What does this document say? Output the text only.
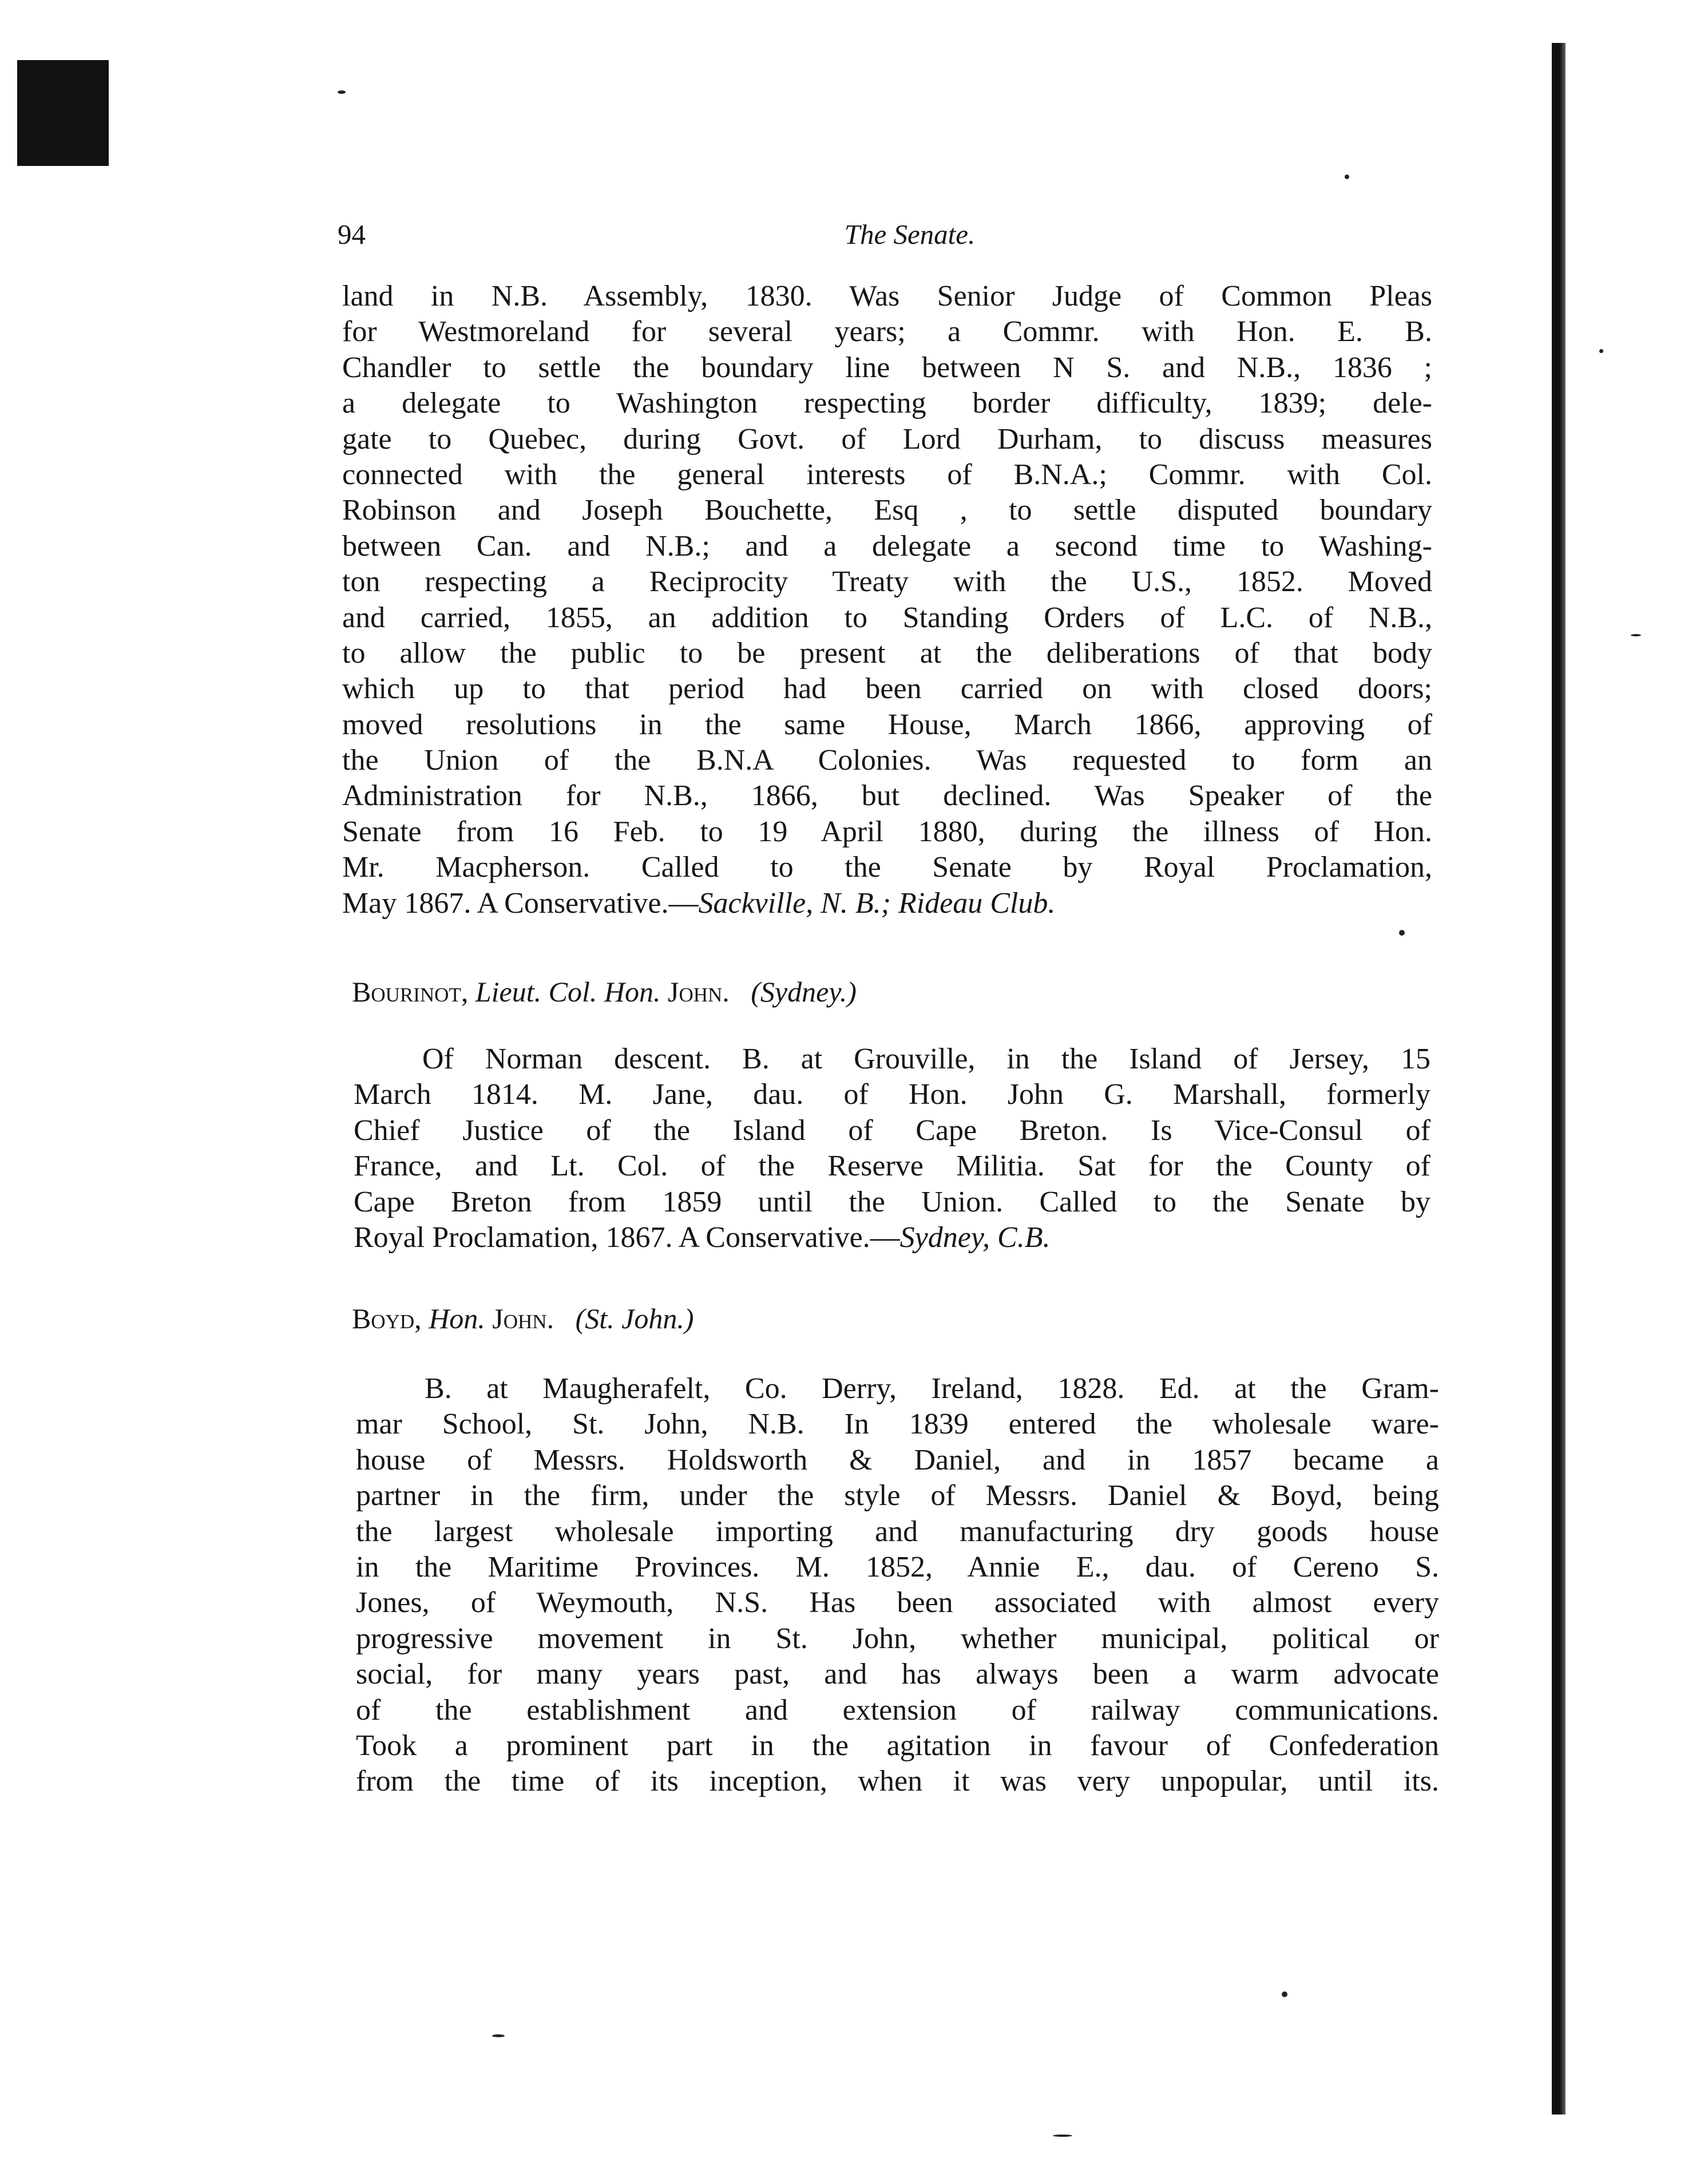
94	The Senate.
land in N.B. Assembly, 1830. Was Senior Judge of Common Pleas
for Westmoreland for several years; a Commr. with Hon. E. B.
Chandler to settle the boundary line between N S. and N.B., 1836 ;
a delegate to Washington respecting border difficulty, 1839; dele-
gate to Quebec, during Govt. of Lord Durham, to discuss measures
connected with the general interests of B.N.A.; Commr. with Col.
Robinson and Joseph Bouchette, Esq , to settle disputed boundary
between Can. and N.B.; and a delegate a second time to Washing-
ton respecting a Reciprocity Treaty with the U.S., 1852. Moved
and carried, 1855, an addition to Standing Orders of L.C. of N.B.,
to allow the public to be present at the deliberations of that body
which up to that period had been carried on with closed doors;
moved resolutions in the same House, March 1866, approving of
the Union of the B.N.A Colonies. Was requested to form an
Administration for N.B., 1866, but declined. Was Speaker of the
Senate from 16 Feb. to 19 April 1880, during the illness of Hon.
Mr. Macpherson. Called to the Senate by Royal Proclamation,
May 1867. A Conservative.—Sackville, N. B.; Rideau Club.
Bourinot, Lieut. Col. Hon. John. (Sydney.)
Of Norman descent. B. at Grouville, in the Island of Jersey, 15
March 1814. M. Jane, dau. of Hon. John G. Marshall, formerly
Chief Justice of the Island of Cape Breton. Is Vice-Consul of
France, and Lt. Col. of the Reserve Militia. Sat for the County of
Cape Breton from 1859 until the Union. Called to the Senate by
Royal Proclamation, 1867. A Conservative.—Sydney, C.B.
Boyd, Hon. John. (St. John.)
B. at Maugherafelt, Co. Derry, Ireland, 1828. Ed. at the Gram-
mar School, St. John, N.B. In 1839 entered the wholesale ware-
house of Messrs. Holdsworth & Daniel, and in 1857 became a
partner in the firm, under the style of Messrs. Daniel & Boyd, being
the largest wholesale importing and manufacturing dry goods house
in the Maritime Provinces. M. 1852, Annie E., dau. of Cereno S.
Jones, of Weymouth, N.S. Has been associated with almost every
progressive movement in St. John, whether municipal, political or
social, for many years past, and has always been a warm advocate
of the establishment and extension of railway communications.
Took a prominent part in the agitation in favour of Confederation
from the time of its inception, when it was very unpopular, until its.
